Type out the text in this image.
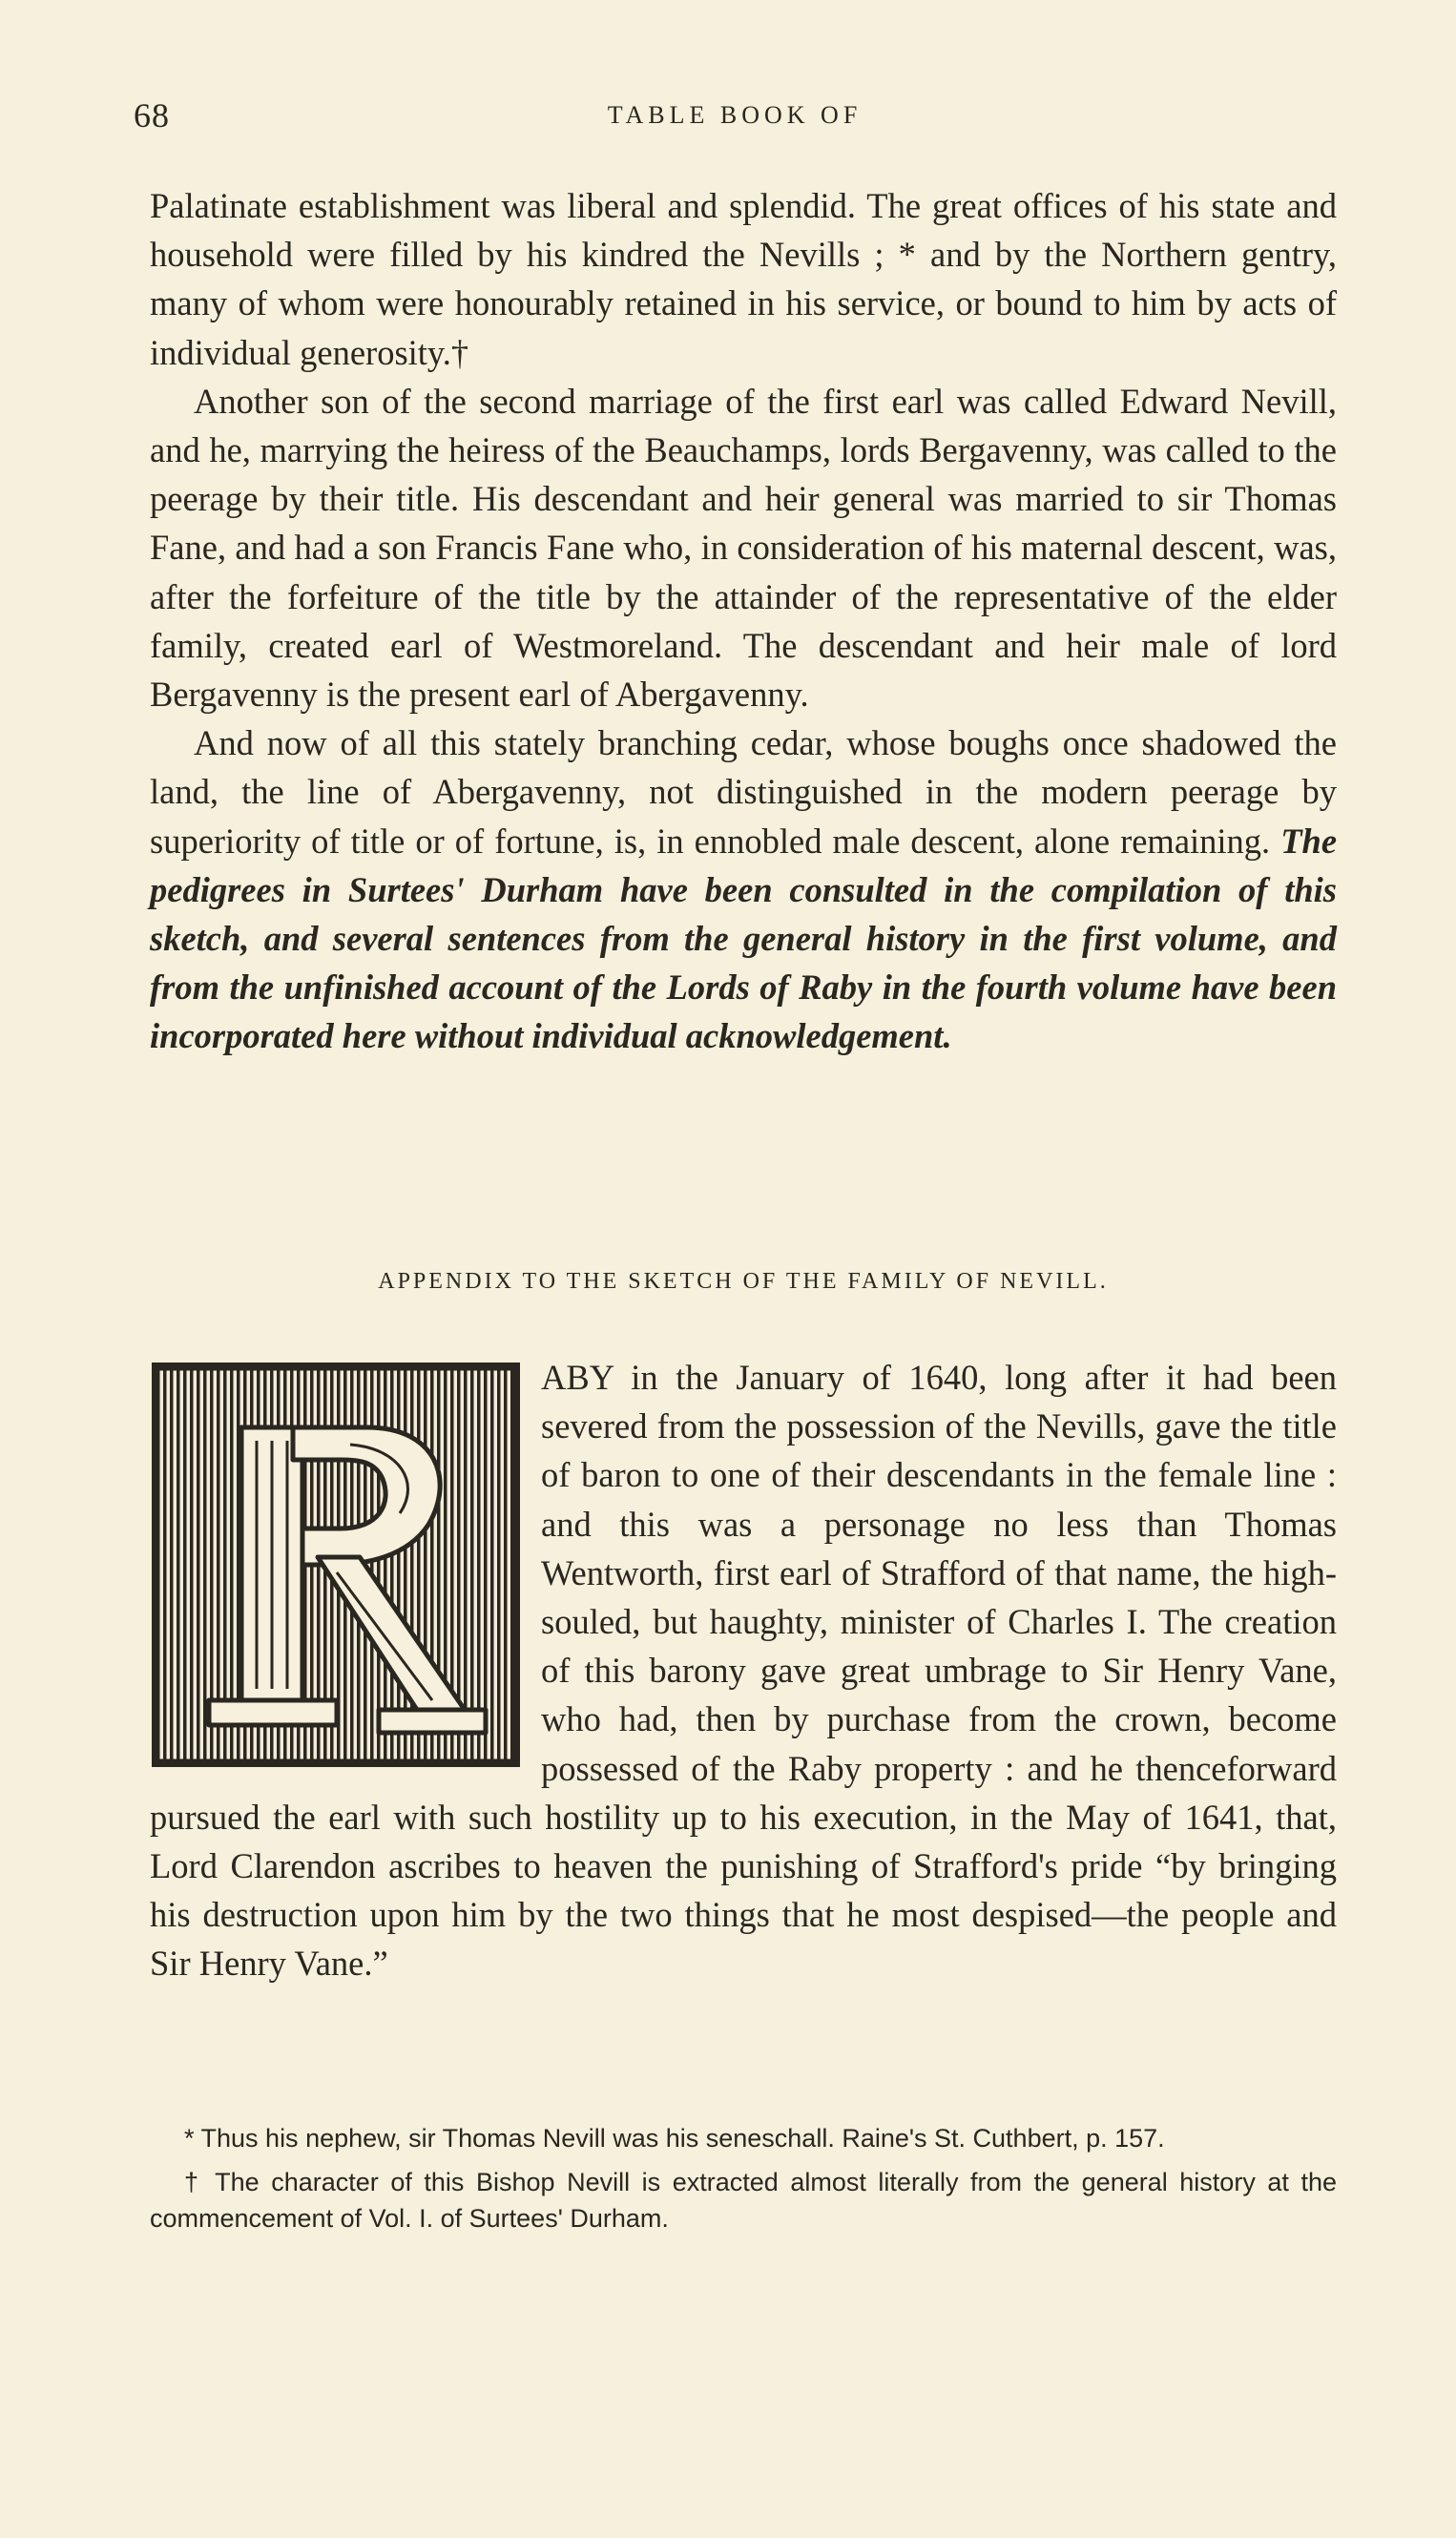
68	TABLE BOOK OF

Palatinate establishment was liberal and splendid. The great offices of his state and household were filled by his kindred the Nevills ; * and by the Northern gentry, many of whom were honourably retained in his service, or bound to him by acts of individual generosity.†

Another son of the second marriage of the first earl was called Edward Nevill, and he, marrying the heiress of the Beauchamps, lords Bergavenny, was called to the peerage by their title. His descendant and heir general was married to sir Thomas Fane, and had a son Francis Fane who, in consideration of his maternal descent, was, after the forfeiture of the title by the attainder of the representative of the elder family, created earl of Westmoreland. The descendant and heir male of lord Bergavenny is the present earl of Abergavenny.

And now of all this stately branching cedar, whose boughs once shadowed the land, the line of Abergavenny, not distinguished in the modern peerage by superiority of title or of fortune, is, in ennobled male descent, alone remaining. The pedigrees in Surtees' Durham have been consulted in the compilation of this sketch, and several sentences from the general history in the first volume, and from the unfinished account of the Lords of Raby in the fourth volume have been incorporated here without individual acknowledgement.

APPENDIX TO THE SKETCH OF THE FAMILY OF NEVILL.

ABY in the January of 1640, long after it had been severed from the possession of the Nevills, gave the title of baron to one of their descendants in the female line : and this was a personage no less than Thomas Wentworth, first earl of Strafford of that name, the high-souled, but haughty, minister of Charles I. The creation of this barony gave great umbrage to Sir Henry Vane, who had, then by purchase from the crown, become possessed of the Raby property : and he thenceforward pursued the earl with such hostility up to his execution, in the May of 1641, that, Lord Clarendon ascribes to heaven the punishing of Strafford's pride “by bringing his destruction upon him by the two things that he most despised—the people and Sir Henry Vane.”

* Thus his nephew, sir Thomas Nevill was his seneschall. Raine's St. Cuthbert, p. 157.

† The character of this Bishop Nevill is extracted almost literally from the general history at the commencement of Vol. I. of Surtees' Durham.
